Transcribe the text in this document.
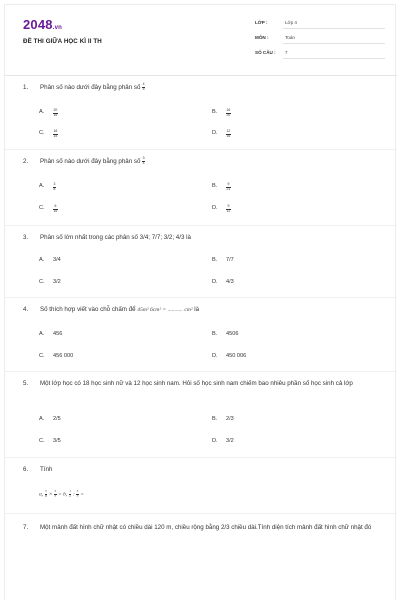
2048.vn
ĐỀ THI GIỮA HỌC KÌ II TH
LỚP :	Lớp 4
MÔN :	Toán
SỐ CÂU : 7
1. Phân số nào dưới đây bằng phân số $\frac{4}{5}$
A.	$\frac{20}{16}$	B.	$\frac{16}{20}$
C. $\frac{16}{15}$	D. $\frac{12}{16}$
2. Phân số nào dưới đây bằng phân số $\frac{3}{4}$
A.	$\frac{3}{8}$	B.	$\frac{9}{21}$
C. $\frac{6}{16}$	D. $\frac{9}{12}$
3. Phân số lớn nhất trong các phân số 3/4; 7/7; 3/2; 4/3 là
A. 3/4	B. 7/7
C. 3/2	D. 4/3
4. Số thích hợp viết vào chỗ chấm để 45m² 6cm² = ........... cm² là
A. 456	B. 4506
C. 456 000	D. 450 006
5. Một lớp học có 18 học sinh nữ và 12 học sinh nam. Hỏi số học sinh nam chiếm bao nhiêu phần số học sinh cả lớp
A. 2/5	B. 2/3
C. 3/5	D. 3/2
6. Tính
a, $\frac{5}{8} \times \frac{3}{5} = b$, $\frac{1}{2}$ : $\frac{3}{5}$ =
7. Một mảnh đất hình chữ nhật có chiều dài 120 m, chiều rộng bằng 2/3 chiều dài.Tính diện tích mảnh đất hình chữ nhật đó
